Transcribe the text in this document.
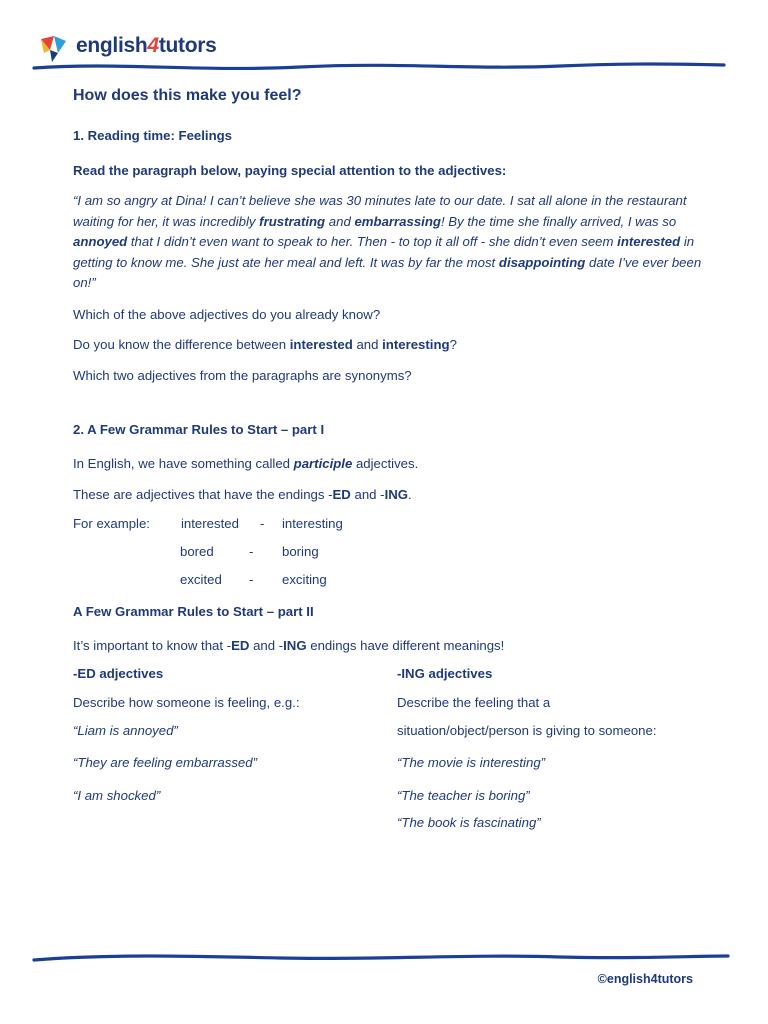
english4tutors
How does this make you feel?
1. Reading time: Feelings
Read the paragraph below, paying special attention to the adjectives:
“I am so angry at Dina! I can’t believe she was 30 minutes late to our date. I sat all alone in the restaurant waiting for her, it was incredibly frustrating and embarrassing! By the time she finally arrived, I was so annoyed that I didn’t even want to speak to her. Then - to top it all off - she didn’t even seem interested in getting to know me. She just ate her meal and left. It was by far the most disappointing date I’ve ever been on!”
Which of the above adjectives do you already know?
Do you know the difference between interested and interesting?
Which two adjectives from the paragraphs are synonyms?
2. A Few Grammar Rules to Start – part I
In English, we have something called participle adjectives.
These are adjectives that have the endings -ED and -ING.
For example: interested - interesting
bored	- boring
excited - exciting
A Few Grammar Rules to Start – part II
It’s important to know that -ED and -ING endings have different meanings!
-ED adjectives
Describe how someone is feeling, e.g.:
“Liam is annoyed”
“They are feeling embarrassed”
“I am shocked”
-ING adjectives
Describe the feeling that a
situation/object/person is giving to someone:
“The movie is interesting”
“The teacher is boring”
“The book is fascinating”
©english4tutors
